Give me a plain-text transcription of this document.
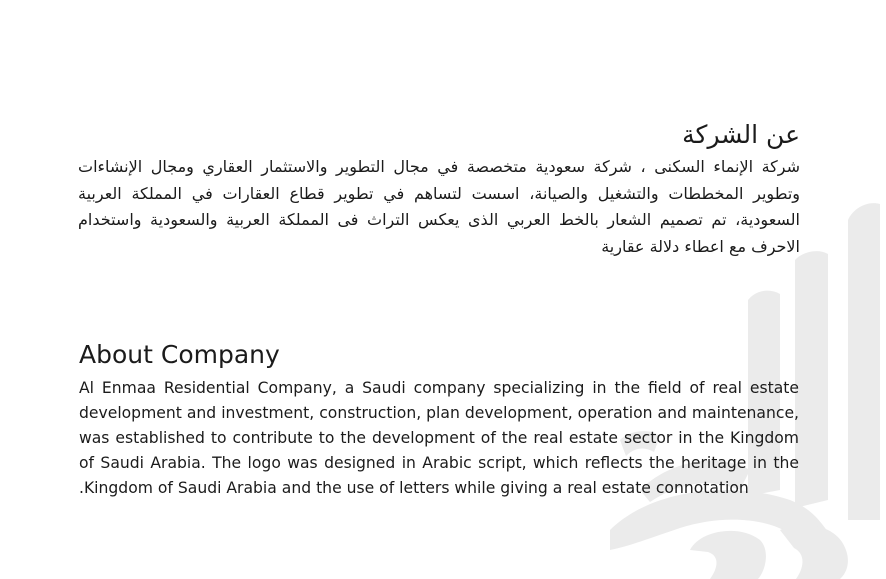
عن الشركة

شركة الإنماء السكنى ، شركة سعودية متخصصة في مجال التطوير والاستثمار العقاري ومجال الإنشاءات وتطوير المخططات والتشغيل والصيانة، اسست لتساهم في تطوير قطاع العقارات في المملكة العربية السعودية، تم تصميم الشعار بالخط العربي الذى يعكس التراث فى المملكة العربية والسعودية واستخدام الاحرف مع اعطاء دلالة عقارية

About Company

Al Enmaa Residential Company, a Saudi company specializing in the field of real estate development and investment, construction, plan development, operation and maintenance, was established to contribute to the development of the real estate sector in the Kingdom of Saudi Arabia. The logo was designed in Arabic script, which reflects the heritage in the .Kingdom of Saudi Arabia and the use of letters while giving a real estate connotation
